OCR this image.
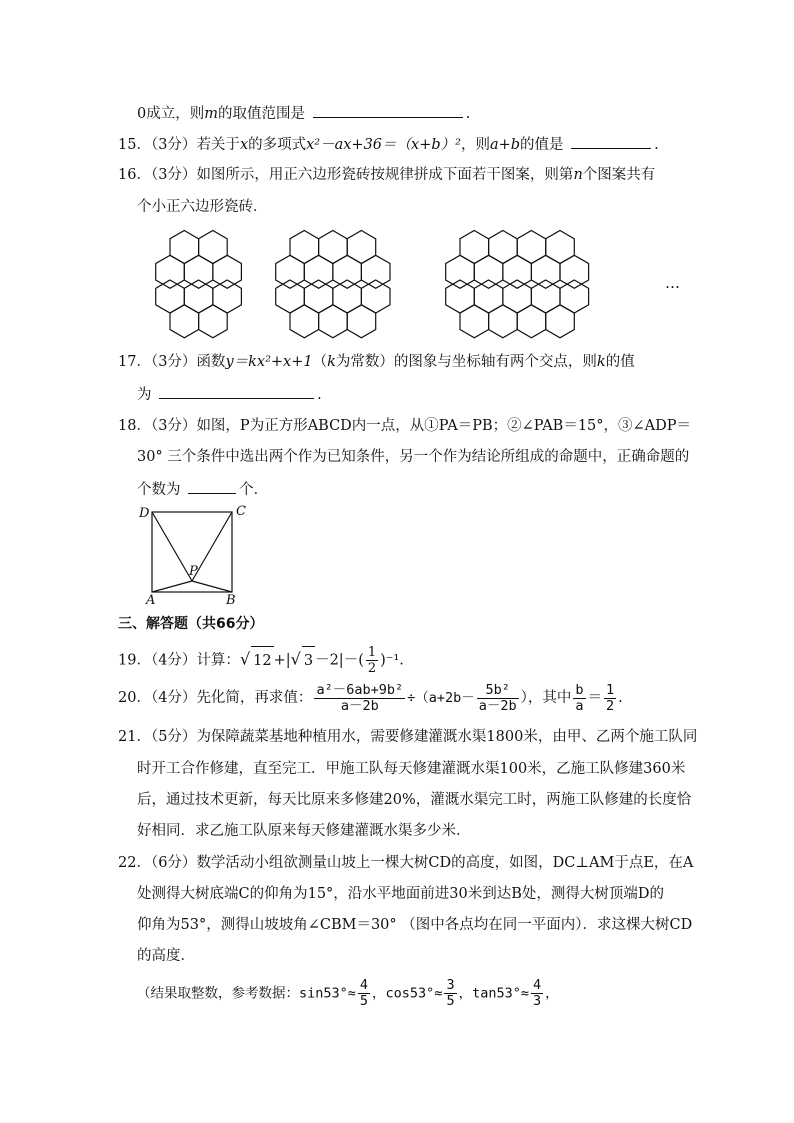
0成立，则m的取值范围是	.
15．（3分）若关于x的多项式x²－ax+36＝（x+b）²，则a+b的值是	.
16．（3分）如图所示，用正六边形瓷砖按规律拼成下面若干图案，则第n个图案共有
个小正六边形瓷砖．
…
17．（3分）函数y＝kx²+x+1（k为常数）的图象与坐标轴有两个交点，则k的值
为	.
18．（3分）如图，P为正方形ABCD内一点，从①PA＝PB；②∠PAB＝15°，③∠ADP＝
30° 三个条件中选出两个作为已知条件，另一个作为结论所组成的命题中，正确命题的
个数为	个．
D	C
P
A	B
三、解答题（共66分）
19．（4分）计算：√ 12 +|√ $3 -2|-( \frac{1}{2} )^{-1}$.
20．（4分）先化简，再求值： $\frac{\text{a²－6ab+9b²}}{a-2b} \div(a+2b- \frac{\text{5b²}}{a-2b}$ ），其中 $\frac{b}{a} = \frac{1}{2}$ .
21．（5分）为保障蔬菜基地种植用水，需要修建灌溉水渠1800米，由甲、乙两个施工队同
时开工合作修建，直至完工．甲施工队每天修建灌溉水渠100米，乙施工队修建360米
后，通过技术更新，每天比原来多修建20%，灌溉水渠完工时，两施工队修建的长度恰
好相同．求乙施工队原来每天修建灌溉水渠多少米．
22．（6分）数学活动小组欲测量山坡上一棵大树CD的高度，如图，DC⊥AM于点E，在A
处测得大树底端C的仰角为15°，沿水平地面前进30米到达B处，测得大树顶端D的
仰角为53°，测得山坡坡角∠CBM＝30° （图中各点均在同一平面内）．求这棵大树CD
的高度．
（结果取整数，参考数据：$\sin 53^\circ\approx \frac{4}{5}$ ，$\cos 53^\circ\approx \frac{3}{5}$ ，$\tan 53^\circ\approx \frac{4}{3}$ ，
